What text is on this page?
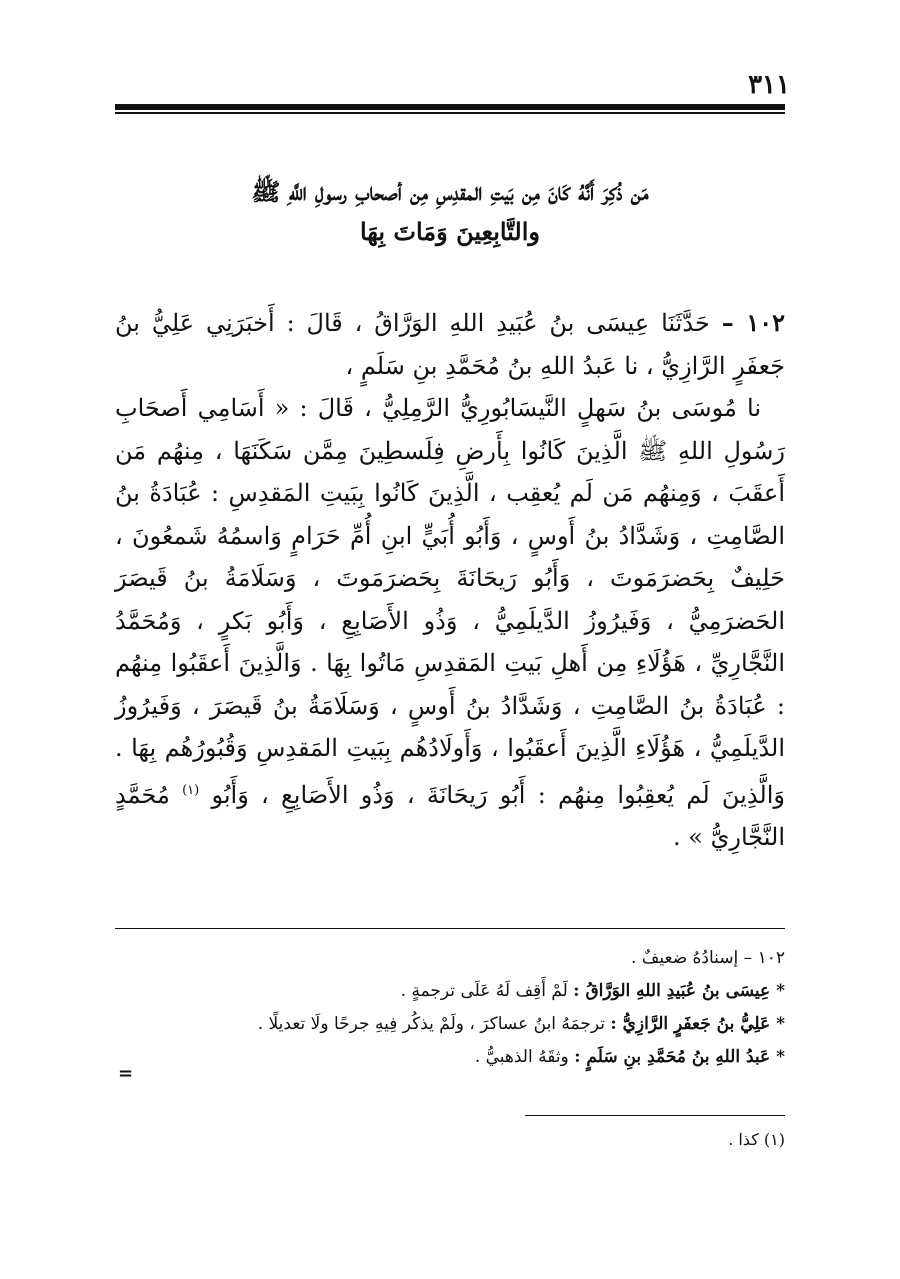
٣١١
مَن ذُكِرَ أَنَّهُ كَانَ مِن بَيتِ المقدِسِ مِن أصحابِ رسولِ اللَّهِ ﷺ
والتَّابِعِينَ وَمَاتَ بِهَا

١٠٢ – حَدَّثَنَا عِيسَى بنُ عُبَيدِ اللهِ الوَرَّاقُ ، قَالَ : أَخبَرَنِي عَلِيُّ بنُ جَعفَرٍ الرَّازِيُّ ، نا عَبدُ اللهِ بنُ مُحَمَّدِ بنِ سَلَمٍ ،

نا مُوسَى بنُ سَهلٍ النَّيسَابُورِيُّ الرَّمِلِيُّ ، قَالَ : « أَسَامِي أَصحَابِ رَسُولِ اللهِ ﷺ الَّذِينَ كَانُوا بِأَرضِ فِلَسطِينَ مِمَّن سَكَنَهَا ، مِنهُم مَن أَعقَبَ ، وَمِنهُم مَن لَم يُعقِب ، الَّذِينَ كَانُوا بِبَيتِ المَقدِسِ : عُبَادَةُ بنُ الصَّامِتِ ، وَشَدَّادُ بنُ أَوسٍ ، وَأَبُو أُبَيٍّ ابنِ أُمِّ حَرَامٍ وَاسمُهُ شَمعُونَ ، حَلِيفٌ بِحَضرَمَوتَ ، وَأَبُو رَيحَانَةَ بِحَضرَمَوتَ ، وَسَلَامَةُ بنُ قَيصَرَ الحَضرَمِيُّ ، وَفَيرُوزُ الدَّيلَمِيُّ ، وَذُو الأَصَابِعِ ، وَأَبُو بَكرٍ ، وَمُحَمَّدُ النَّجَّارِيِّ ، هَؤُلَاءِ مِن أَهلِ بَيتِ المَقدِسِ مَاتُوا بِهَا . وَالَّذِينَ أَعقَبُوا مِنهُم : عُبَادَةُ بنُ الصَّامِتِ ، وَشَدَّادُ بنُ أَوسٍ ، وَسَلَامَةُ بنُ قَيصَرَ ، وَفَيرُوزُ الدَّيلَمِيُّ ، هَؤُلَاءِ الَّذِينَ أَعقَبُوا ، وَأَولَادُهُم بِبَيتِ المَقدِسِ وَقُبُورُهُم بِهَا . وَالَّذِينَ لَم يُعقِبُوا مِنهُم : أَبُو رَيحَانَةَ ، وَذُو الأَصَابِعِ ، وَأَبُو $^{(١)}$ مُحَمَّدٍ النَّجَّارِيُّ » .

١٠٢ – إسنادُهُ ضعيفٌ .

* عِيسَى بنُ عُبَيدِ اللهِ الوَرَّاقُ : لَمْ أَقِف لَهُ عَلَى ترجمةٍ .

* عَلِيُّ بنُ جَعفَرٍ الرَّازِيُّ : ترجمَهُ ابنُ عساكرَ ، ولَمْ يذكُر فِيهِ جرحًا ولَا تعديلًا .

* عَبدُ اللهِ بنُ مُحَمَّدِ بنِ سَلَمٍ : وثقَهُ الذهبيُّ .

=
(١) كذا .
